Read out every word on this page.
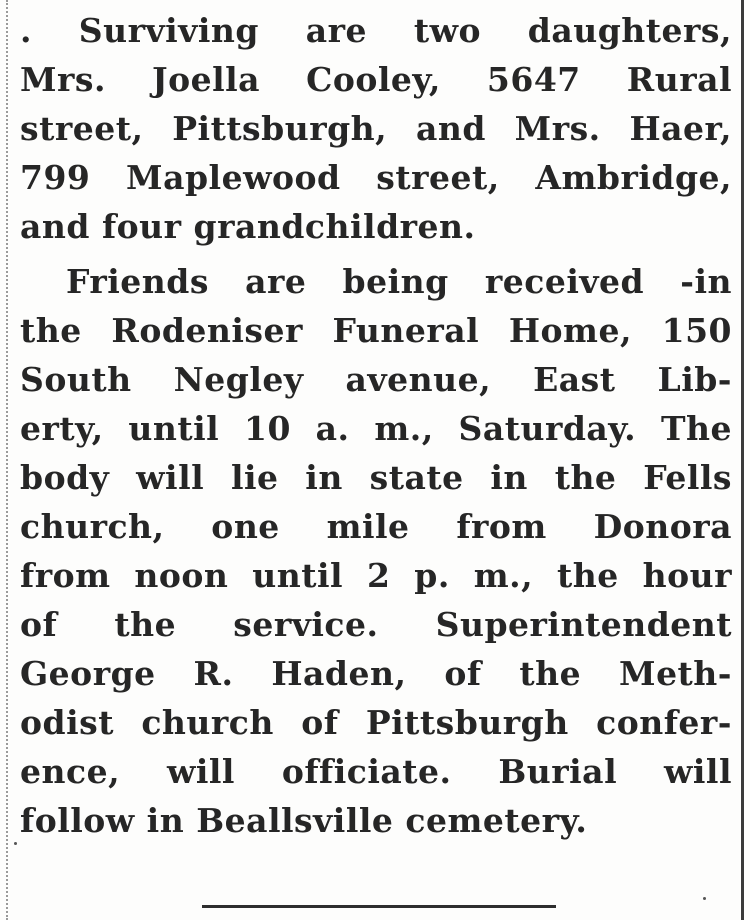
. Surviving are two daughters,
Mrs. Joella Cooley, 5647 Rural
street, Pittsburgh, and Mrs. Haer,
799 Maplewood street, Ambridge,
and four grandchildren.
Friends are being received -in
the Rodeniser Funeral Home, 150
South Negley avenue, East Lib-
erty, until 10 a. m., Saturday. The
body will lie in state in the Fells
church, one mile from Donora
from noon until 2 p. m., the hour
of the service. Superintendent
George R. Haden, of the Meth-
odist church of Pittsburgh confer-
ence, will officiate. Burial will
follow in Beallsville cemetery.
